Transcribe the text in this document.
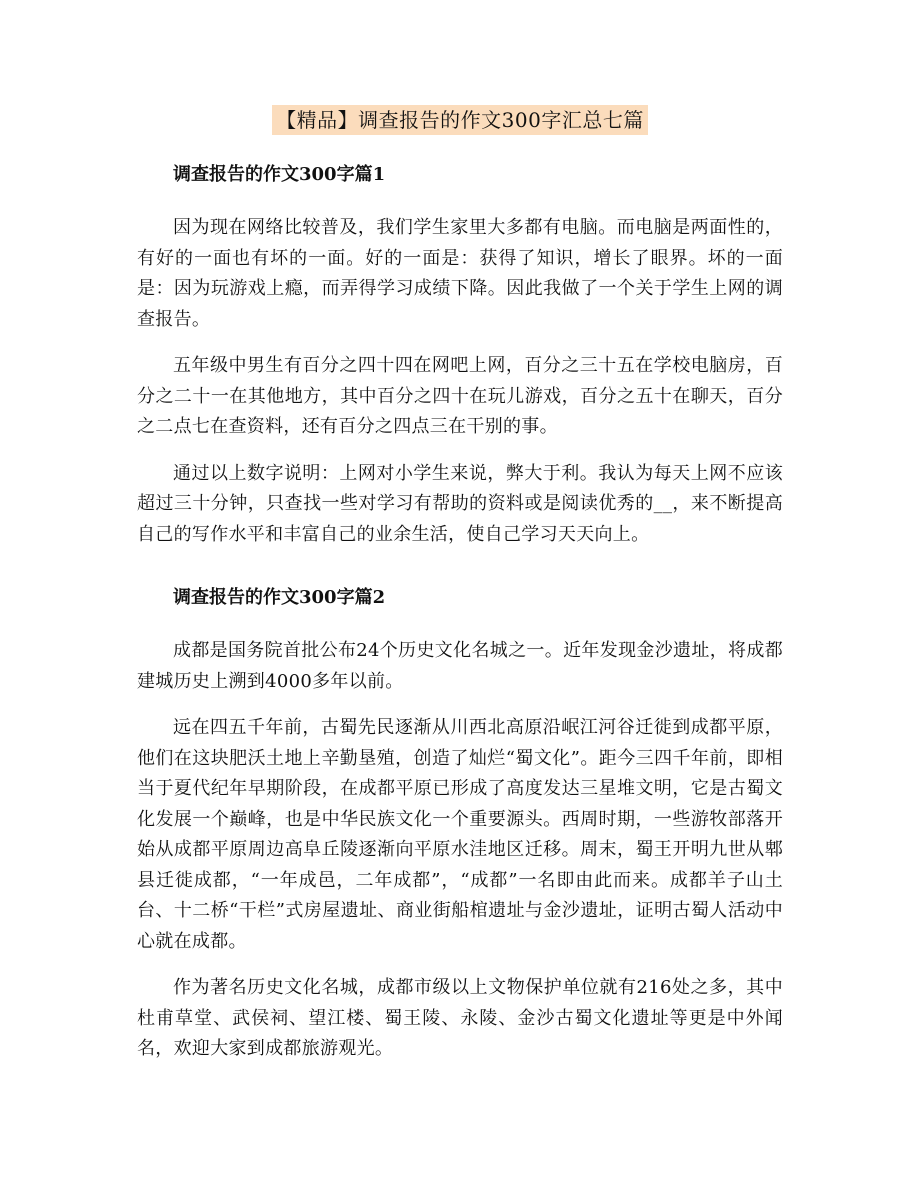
【精品】调查报告的作文300字汇总七篇
调查报告的作文300字篇1

因为现在网络比较普及，我们学生家里大多都有电脑。而电脑是两面性的，有好的一面也有坏的一面。好的一面是：获得了知识，增长了眼界。坏的一面是：因为玩游戏上瘾，而弄得学习成绩下降。因此我做了一个关于学生上网的调查报告。

五年级中男生有百分之四十四在网吧上网，百分之三十五在学校电脑房，百分之二十一在其他地方，其中百分之四十在玩儿游戏，百分之五十在聊天，百分之二点七在查资料，还有百分之四点三在干别的事。

通过以上数字说明：上网对小学生来说，弊大于利。我认为每天上网不应该超过三十分钟，只查找一些对学习有帮助的资料或是阅读优秀的__，来不断提高自己的写作水平和丰富自己的业余生活，使自己学习天天向上。

调查报告的作文300字篇2

成都是国务院首批公布24个历史文化名城之一。近年发现金沙遗址，将成都建城历史上溯到4000多年以前。

远在四五千年前，古蜀先民逐渐从川西北高原沿岷江河谷迁徙到成都平原，他们在这块肥沃土地上辛勤垦殖，创造了灿烂“蜀文化”。距今三四千年前，即相当于夏代纪年早期阶段，在成都平原已形成了高度发达三星堆文明，它是古蜀文化发展一个巅峰，也是中华民族文化一个重要源头。西周时期，一些游牧部落开始从成都平原周边高阜丘陵逐渐向平原水洼地区迁移。周末，蜀王开明九世从郫县迁徙成都，“一年成邑，二年成都”，“成都”一名即由此而来。成都羊子山土台、十二桥“干栏”式房屋遗址、商业街船棺遗址与金沙遗址，证明古蜀人活动中心就在成都。

作为著名历史文化名城，成都市级以上文物保护单位就有216处之多，其中杜甫草堂、武侯祠、望江楼、蜀王陵、永陵、金沙古蜀文化遗址等更是中外闻名，欢迎大家到成都旅游观光。
